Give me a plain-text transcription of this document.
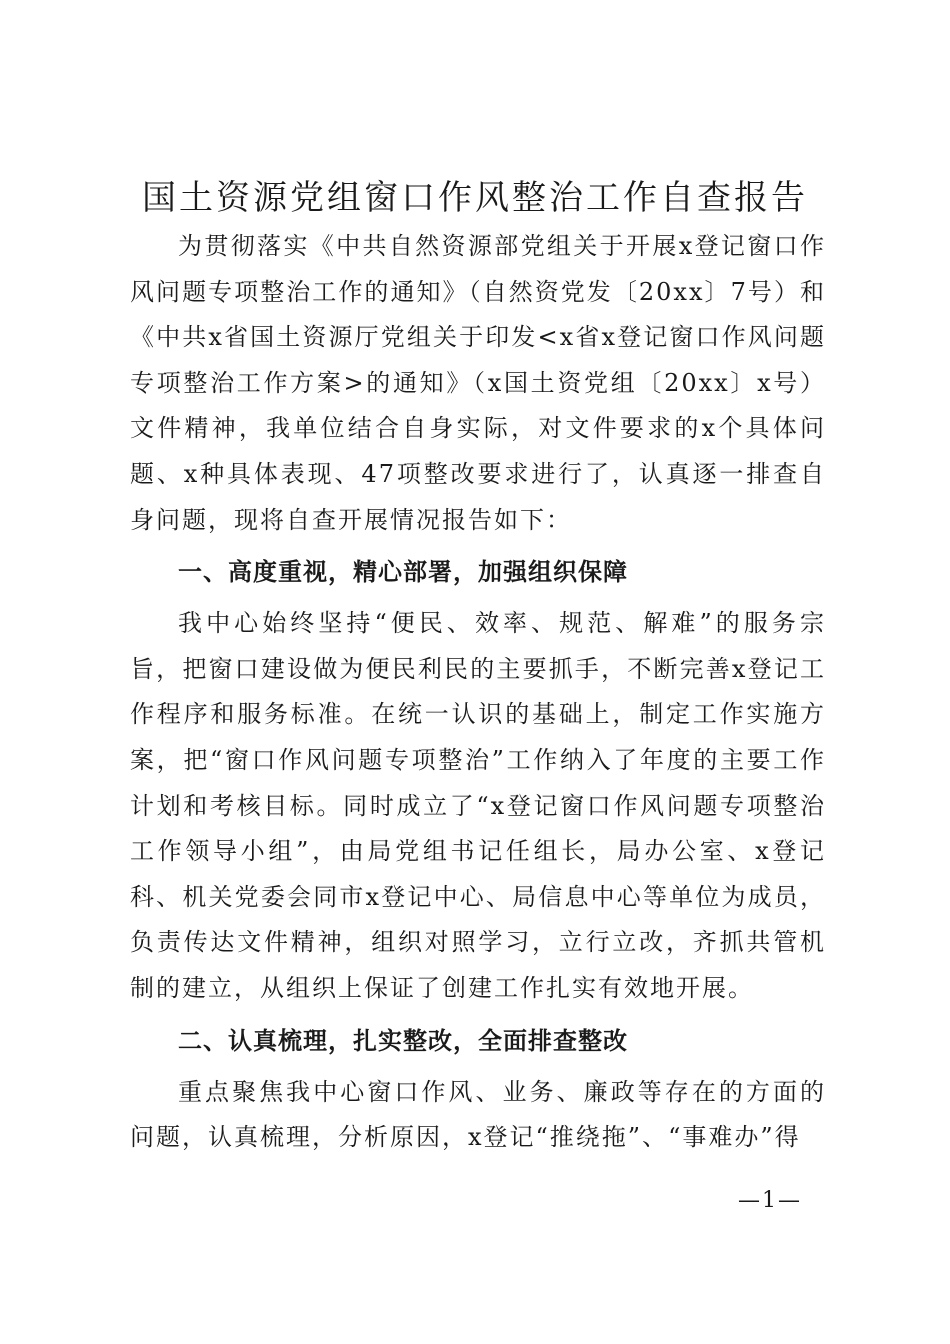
国土资源党组窗口作风整治工作自查报告

为贯彻落实《中共自然资源部党组关于开展x登记窗口作风问题专项整治工作的通知》（自然资党发〔20xx〕7号）和《中共x省国土资源厅党组关于印发<x省x登记窗口作风问题专项整治工作方案>的通知》（x国土资党组〔20xx〕x号）文件精神，我单位结合自身实际，对文件要求的x个具体问题、x种具体表现、47项整改要求进行了，认真逐一排查自身问题，现将自查开展情况报告如下：

一、高度重视，精心部署，加强组织保障

我中心始终坚持“便民、效率、规范、解难”的服务宗旨，把窗口建设做为便民利民的主要抓手，不断完善x登记工作程序和服务标准。在统一认识的基础上，制定工作实施方案，把“窗口作风问题专项整治”工作纳入了年度的主要工作计划和考核目标。同时成立了“x登记窗口作风问题专项整治工作领导小组”，由局党组书记任组长，局办公室、x登记科、机关党委会同市x登记中心、局信息中心等单位为成员，负责传达文件精神，组织对照学习，立行立改，齐抓共管机制的建立，从组织上保证了创建工作扎实有效地开展。

二、认真梳理，扎实整改，全面排查整改

重点聚焦我中心窗口作风、业务、廉政等存在的方面的问题，认真梳理，分析原因，x登记“推绕拖”、“事难办”得

—1—
